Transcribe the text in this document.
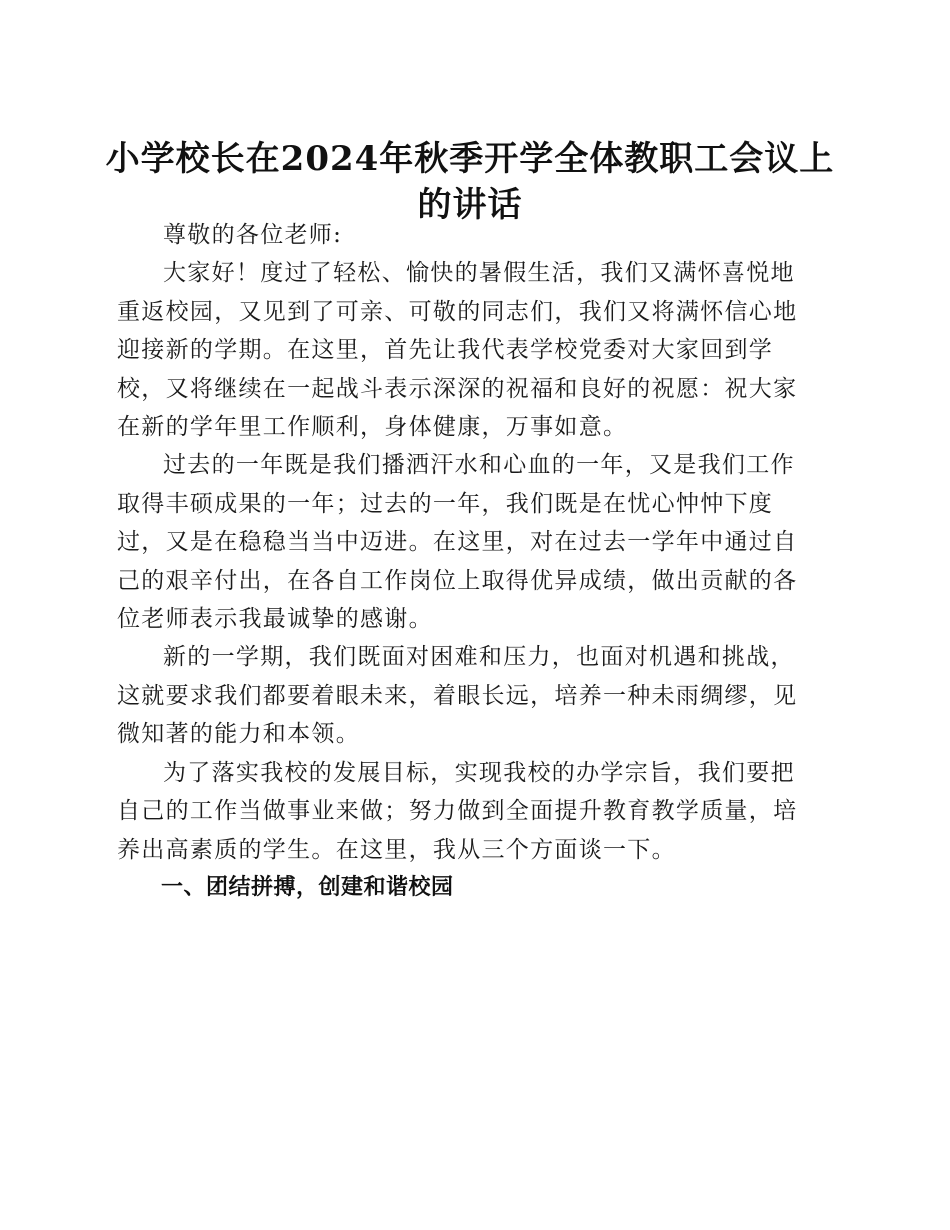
小学校长在2024年秋季开学全体教职工会议上的讲话

尊敬的各位老师:

大家好！度过了轻松、愉快的暑假生活，我们又满怀喜悦地重返校园，又见到了可亲、可敬的同志们，我们又将满怀信心地迎接新的学期。在这里，首先让我代表学校党委对大家回到学校，又将继续在一起战斗表示深深的祝福和良好的祝愿：祝大家在新的学年里工作顺利，身体健康，万事如意。

过去的一年既是我们播洒汗水和心血的一年，又是我们工作取得丰硕成果的一年；过去的一年，我们既是在忧心忡忡下度过，又是在稳稳当当中迈进。在这里，对在过去一学年中通过自己的艰辛付出，在各自工作岗位上取得优异成绩，做出贡献的各位老师表示我最诚挚的感谢。

新的一学期，我们既面对困难和压力，也面对机遇和挑战，这就要求我们都要着眼未来，着眼长远，培养一种未雨绸缪，见微知著的能力和本领。

为了落实我校的发展目标，实现我校的办学宗旨，我们要把自己的工作当做事业来做；努力做到全面提升教育教学质量，培养出高素质的学生。在这里，我从三个方面谈一下。

一、团结拼搏，创建和谐校园
